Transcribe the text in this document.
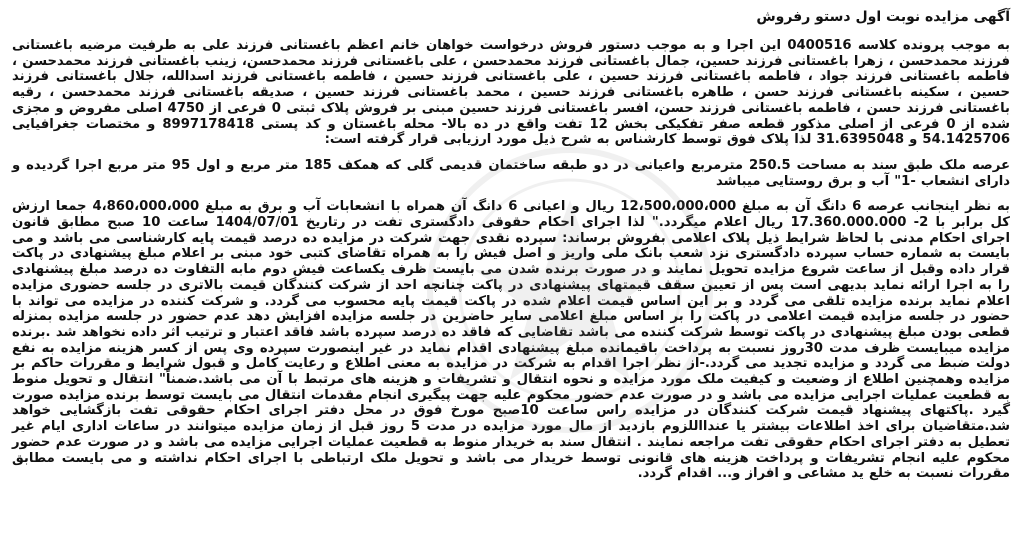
آگهی مزایده نوبت اول دستو رفروش

به موجب پرونده کلاسه 0400516 این اجرا و به موجب دستور فروش درخواست خواهان خانم اعظم باغستانی فرزند علی به طرفیت مرضیه باغستانی فرزند محمدحسن ، زهرا باغستانی فرزند حسین، جمال باغستانی فرزند محمدحسن ، علی باغستانی فرزند محمدحسن، زینب باغستانی فرزند محمدحسن ، فاطمه باغستانی فرزند جواد ، فاطمه باغستانی فرزند حسین ، علی باغستانی فرزند حسین ، فاطمه باغستانی فرزند اسدالله، جلال باغستانی فرزند حسین ، سکینه باغستانی فرزند حسن ، طاهره باغستانی فرزند حسین ، محمد باغستانی فرزند حسین ، صدیقه باغستانی فرزند محمدحسن ، رقیه باغستانی فرزند حسن ، فاطمه باغستانی فرزند حسن، افسر باغستانی فرزند حسین مبنی بر فروش پلاک ثبتی 0 فرعی از 4750 اصلی مفروض و مجزی شده از 0 فرعی از اصلی مذکور قطعه صفر تفکیکی بخش 12 تفت واقع در ده بالا- محله باغستان و کد پستی 8997178418 و مختصات جغرافیایی 54.1425706 و 31.6395048 لذا پلاک فوق توسط کارشناس به شرح ذیل مورد ارزیابی قرار گرفته است:

عرصه ملک طبق سند به مساحت 250.5 مترمربع واعیانی در دو طبقه ساختمان قدیمی گلی که همکف 185 متر مربع و اول 95 متر مربع اجرا گردیده و دارای انشعاب -1" آب و برق روستایی میباشد

به نظر اینجانب عرصه 6 دانگ آن به مبلغ 12،500،000،000 ریال و اعیانی 6 دانگ آن همراه با انشعابات آب و برق به مبلغ 4،860،000،000 جمعا ارزش کل برابر با 2- 17.360.000.000 ریال اعلام میگردد." لذا اجرای احکام حقوقی دادگستری تفت در رتاریخ 1404/07/01 ساعت 10 صبح مطابق قانون اجرای احکام مدنی با لحاظ شرایط ذیل پلاک اعلامی بفروش برساند: سپرده نقدی جهت شرکت در مزایده ده درصد قیمت پایه کارشناسی می باشد و می بایست به شماره حساب سپرده دادگستری نزد شعب بانک ملی واریز و اصل فیش را به همراه تقاضای کتبی خود مبنی بر اعلام مبلغ پیشنهادی در پاکت قرار داده وقبل از ساعت شروع مزایده تحویل نمایند و در صورت برنده شدن می بایست ظرف یکساعت فیش دوم مابه التفاوت ده درصد مبلغ پیشنهادی را به اجرا ارائه نماید بدیهی است پس از تعیین سقف قیمتهای پیشنهادی در پاکت چنانچه احد از شرکت کنندگان قیمت بالاتری در جلسه حضوری مزایده اعلام نماید برنده مزایده تلقی می گردد و بر این اساس قیمت اعلام شده در پاکت قیمت پایه محسوب می گردد. و شرکت کننده در مزایده می تواند با حضور در جلسه مزایده قیمت اعلامی در پاکت را بر اساس مبلغ اعلامی سایر حاضرین در جلسه مزایده افزایش دهد عدم حضور در جلسه مزایده بمنزله قطعی بودن مبلغ پیشنهادی در پاکت توسط شرکت کننده می باشد تقاضایی که فاقد ده درصد سپرده باشد فاقد اعتبار و ترتیب اثر داده نخواهد شد .برنده مزایده میبایست ظرف مدت 30روز نسبت به پرداخت باقیمانده مبلغ پیشنهادی اقدام نماید در غیر اینصورت سپرده وی پس از کسر هزینه مزایده به نفع دولت ضبط می گردد و مزایده تجدید می گردد.-از نظر اجرا اقدام به شرکت در مزایده به معنی اطلاع و رعایت کامل و قبول شرایط و مقررات حاکم بر مزایده وهمچنین اطلاع از وضعیت و کیفیت ملک مورد مزایده و نحوه انتقال و تشریفات و هزینه های مرتبط با آن می باشد.ضمناً" انتقال و تحویل منوط به قطعیت عملیات اجرایی مزایده می باشد و در صورت عدم حضور محکوم علیه جهت پیگیری انجام مقدمات انتقال می بایست توسط برنده مزایده صورت گیرد .پاکتهای پیشنهاد قیمت شرکت کنندگان در مزایده راس ساعت 10صبح مورخ فوق در محل دفتر اجرای احکام حقوقی تفت بازگشایی خواهد شد.متقاضیان برای اخذ اطلاعات بیشتر یا عندااللزوم بازدید از مال مورد مزایده در مدت 5 روز قبل از زمان مزایده میتوانند در ساعات اداری ایام غیر تعطیل به دفتر اجرای احکام حقوقی تفت مراجعه نمایند . انتقال سند به خریدار منوط به قطعیت عملیات اجرایی مزایده می باشد و در صورت عدم حضور محکوم علیه انجام تشریفات و پرداخت هزینه های قانونی توسط خریدار می باشد و تحویل ملک ارتباطی با اجرای احکام نداشته و می بایست مطابق مقررات نسبت به خلع ید مشاعی و افراز و... اقدام گردد.
